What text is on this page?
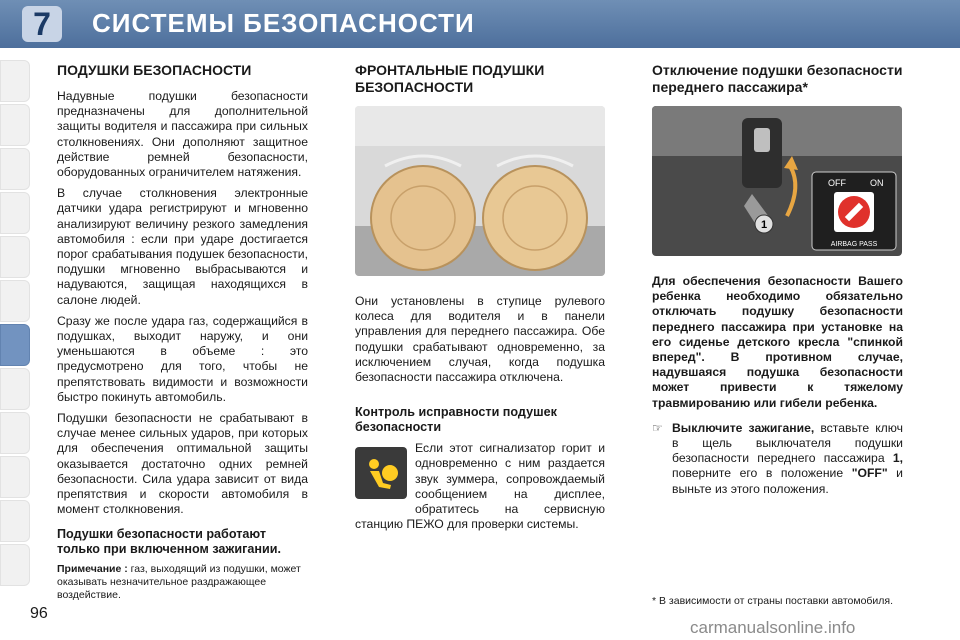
7	СИСТЕМЫ БЕЗОПАСНОСТИ
ПОДУШКИ БЕЗОПАСНОСТИ

Надувные подушки безопасности предназначены для дополнительной защиты водителя и пассажира при сильных столкновениях. Они дополняют защитное действие ремней безопасности, оборудованных ограничителем натяжения.

В случае столкновения электронные датчики удара регистрируют и мгновенно анализируют величину резкого замедления автомобиля : если при ударе достигается порог срабатывания подушек безопасности, подушки мгновенно выбрасываются и надуваются, защищая находящихся в салоне людей.

Сразу же после удара газ, содержащийся в подушках, выходит наружу, и они уменьшаются в объеме : это предусмотрено для того, чтобы не препятствовать видимости и возможности быстро покинуть автомобиль.

Подушки безопасности не срабатывают в случае менее сильных ударов, при которых для обеспечения оптимальной защиты оказывается достаточно одних ремней безопасности. Сила удара зависит от вида препятствия и скорости автомобиля в момент столкновения.

Подушки безопасности работают только при включенном зажигании.

Примечание : газ, выходящий из подушки, может оказывать незначительное раздражающее воздействие.

ФРОНТАЛЬНЫЕ ПОДУШКИ БЕЗОПАСНОСТИ

Они установлены в ступице рулевого колеса для водителя и в панели управления для переднего пассажира. Обе подушки срабатывают одновременно, за исключением случая, когда подушка безопасности пассажира отключена.

Контроль исправности подушек безопасности

Если этот сигнализатор горит и одновременно с ним раздается звук зуммера, сопровождаемый сообщением на дисплее, обратитесь на сервисную станцию ПЕЖО для проверки системы.

Отключение подушки безопасности переднего пассажира*
1
OFF	ON
AIRBAG PASS

Для обеспечения безопасности Вашего ребенка необходимо обязательно отключать подушку безопасности переднего пассажира при установке на его сиденье детского кресла "спинкой вперед". В противном случае, надувшаяся подушка безопасности может привести к тяжелому травмированию или гибели ребенка.

☞ Выключите зажигание, вставьте ключ в щель выключателя подушки безопасности переднего пассажира 1, поверните его в положение "OFF" и выньте из этого положения.
* В зависимости от страны поставки автомобиля.
96
carmanualsonline.info
